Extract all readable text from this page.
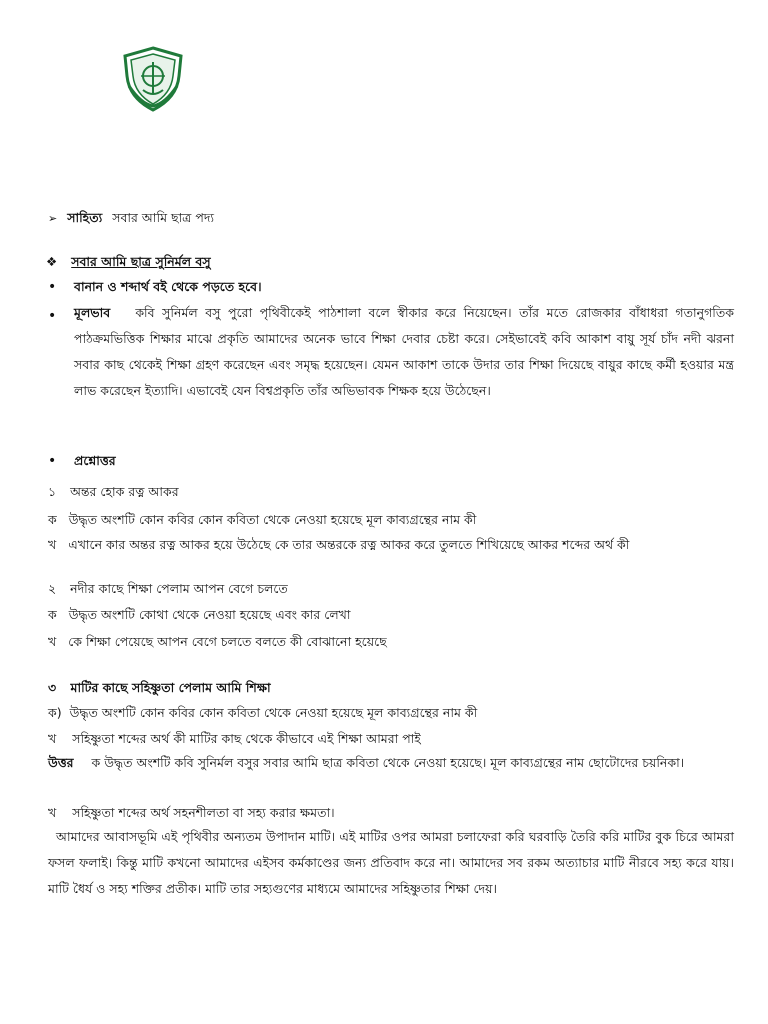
➢ সাহিত্য সবার আমি ছাত্র পদ্য
❖ সবার আমি ছাত্র সুনির্মল বসু
• বানান ও শব্দার্থ বই থেকে পড়তে হবে।
• মূলভাব কবি সুনির্মল বসু পুরো পৃথিবীকেই পাঠশালা বলে স্বীকার করে নিয়েছেন। তাঁর মতে রোজকার বাঁধাধরা গতানুগতিক পাঠক্রমভিত্তিক শিক্ষার মাঝে প্রকৃতি আমাদের অনেক ভাবে শিক্ষা দেবার চেষ্টা করে। সেইভাবেই কবি আকাশ বায়ু সূর্য চাঁদ নদী ঝরনা সবার কাছ থেকেই শিক্ষা গ্রহণ করেছেন এবং সমৃদ্ধ হয়েছেন। যেমন আকাশ তাকে উদার তার শিক্ষা দিয়েছে বায়ুর কাছে কর্মী হওয়ার মন্ত্র লাভ করেছেন ইত্যাদি। এভাবেই যেন বিশ্বপ্রকৃতি তাঁর অভিভাবক শিক্ষক হয়ে উঠেছেন।
• প্রশ্নোত্তর
১ অন্তর হোক রত্ন আকর
ক উদ্ধৃত অংশটি কোন কবির কোন কবিতা থেকে নেওয়া হয়েছে মূল কাব্যগ্রন্থের নাম কী
খ এখানে কার অন্তর রত্ন আকর হয়ে উঠেছে কে তার অন্তরকে রত্ন আকর করে তুলতে শিখিয়েছে আকর শব্দের অর্থ কী
২ নদীর কাছে শিক্ষা পেলাম আপন বেগে চলতে
ক উদ্ধৃত অংশটি কোথা থেকে নেওয়া হয়েছে এবং কার লেখা
খ কে শিক্ষা পেয়েছে আপন বেগে চলতে বলতে কী বোঝানো হয়েছে
৩ মাটির কাছে সহিষ্ণুতা পেলাম আমি শিক্ষা
ক) উদ্ধৃত অংশটি কোন কবির কোন কবিতা থেকে নেওয়া হয়েছে মূল কাব্যগ্রন্থের নাম কী
খ সহিষ্ণুতা শব্দের অর্থ কী মাটির কাছ থেকে কীভাবে এই শিক্ষা আমরা পাই
উত্তর ক উদ্ধৃত অংশটি কবি সুনির্মল বসুর সবার আমি ছাত্র কবিতা থেকে নেওয়া হয়েছে। মূল কাব্যগ্রন্থের নাম ছোটোদের চয়নিকা।
খ সহিষ্ণুতা শব্দের অর্থ সহনশীলতা বা সহ্য করার ক্ষমতা।
আমাদের আবাসভূমি এই পৃথিবীর অন্যতম উপাদান মাটি। এই মাটির ওপর আমরা চলাফেরা করি ঘরবাড়ি তৈরি করি মাটির বুক চিরে আমরা ফসল ফলাই। কিন্তু মাটি কখনো আমাদের এইসব কর্মকাণ্ডের জন্য প্রতিবাদ করে না। আমাদের সব রকম অত্যাচার মাটি নীরবে সহ্য করে যায়। মাটি ধৈর্য ও সহ্য শক্তির প্রতীক। মাটি তার সহ্যগুণের মাধ্যমে আমাদের সহিষ্ণুতার শিক্ষা দেয়।
